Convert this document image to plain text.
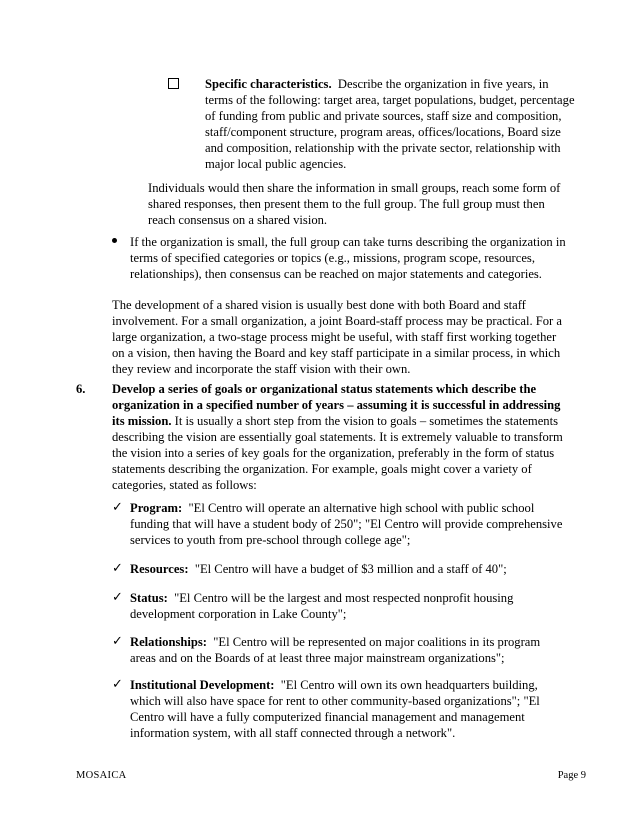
Specific characteristics. Describe the organization in five years, in terms of the following: target area, target populations, budget, percentage of funding from public and private sources, staff size and composition, staff/component structure, program areas, offices/locations, Board size and composition, relationship with the private sector, relationship with major local public agencies.

Individuals would then share the information in small groups, reach some form of shared responses, then present them to the full group. The full group must then reach consensus on a shared vision.

If the organization is small, the full group can take turns describing the organization in terms of specified categories or topics (e.g., missions, program scope, resources, relationships), then consensus can be reached on major statements and categories.

The development of a shared vision is usually best done with both Board and staff involvement. For a small organization, a joint Board-staff process may be practical. For a large organization, a two-stage process might be useful, with staff first working together on a vision, then having the Board and key staff participate in a similar process, in which they review and incorporate the staff vision with their own.

6. Develop a series of goals or organizational status statements which describe the organization in a specified number of years – assuming it is successful in addressing its mission. It is usually a short step from the vision to goals – sometimes the statements describing the vision are essentially goal statements. It is extremely valuable to transform the vision into a series of key goals for the organization, preferably in the form of status statements describing the organization. For example, goals might cover a variety of categories, stated as follows:

✓ Program: "El Centro will operate an alternative high school with public school funding that will have a student body of 250"; "El Centro will provide comprehensive services to youth from pre-school through college age";

✓ Resources: "El Centro will have a budget of $3 million and a staff of 40";

✓ Status: "El Centro will be the largest and most respected nonprofit housing development corporation in Lake County";

✓ Relationships: "El Centro will be represented on major coalitions in its program areas and on the Boards of at least three major mainstream organizations";

✓ Institutional Development: "El Centro will own its own headquarters building, which will also have space for rent to other community-based organizations"; "El Centro will have a fully computerized financial management and management information system, with all staff connected through a network".

MOSAICA	Page 9
